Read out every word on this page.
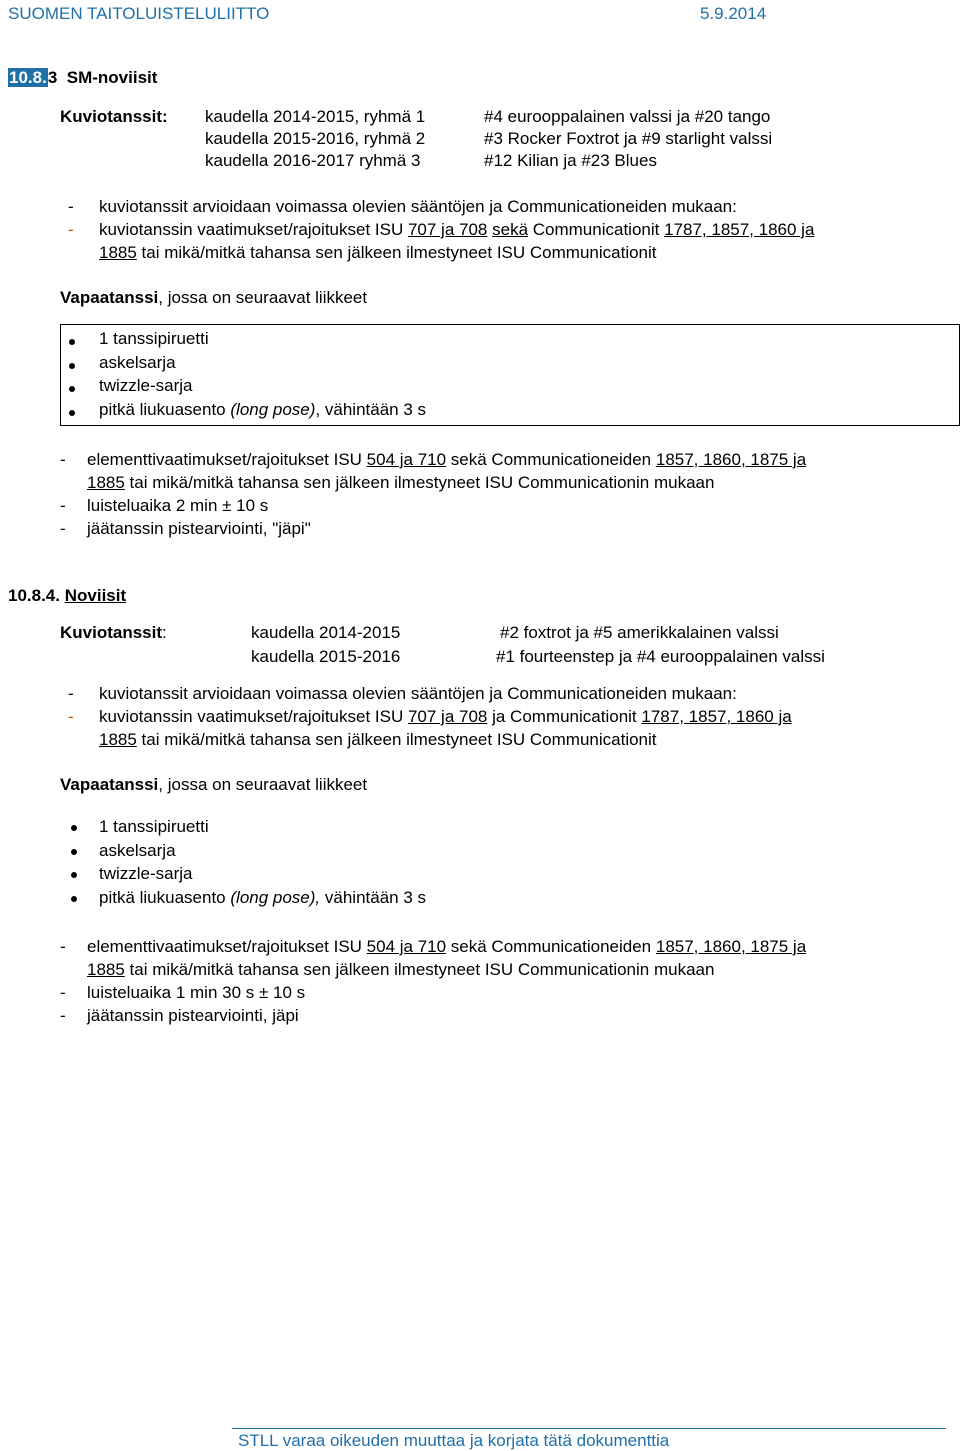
SUOMEN TAITOLUISTELULIITTO	5.9.2014
10.8.3 SM-noviisit
Kuviotanssit: kaudella 2014-2015, ryhmä 1	#4 eurooppalainen valssi ja #20 tango
kaudella 2015-2016, ryhmä 2	#3 Rocker Foxtrot ja #9 starlight valssi
kaudella 2016-2017 ryhmä 3	#12 Kilian ja #23 Blues
- kuviotanssit arvioidaan voimassa olevien sääntöjen ja Communicationeiden mukaan:
- kuviotanssin vaatimukset/rajoitukset ISU 707 ja 708 sekä Communicationit 1787, 1857, 1860 ja
1885 tai mikä/mitkä tahansa sen jälkeen ilmestyneet ISU Communicationit
Vapaatanssi, jossa on seuraavat liikkeet
1 tanssipiruetti
askelsarja
twizzle-sarja
pitkä liukuasento (long pose), vähintään 3 s
- elementtivaatimukset/rajoitukset ISU 504 ja 710 sekä Communicationeiden 1857, 1860, 1875 ja
1885 tai mikä/mitkä tahansa sen jälkeen ilmestyneet ISU Communicationin mukaan
- luisteluaika 2 min ± 10 s
- jäätanssin pistearviointi, "jäpi"
10.8.4. Noviisit
Kuviotanssit:	kaudella 2014-2015	#2 foxtrot ja #5 amerikkalainen valssi
kaudella 2015-2016	#1 fourteenstep ja #4 eurooppalainen valssi
- kuviotanssit arvioidaan voimassa olevien sääntöjen ja Communicationeiden mukaan:
- kuviotanssin vaatimukset/rajoitukset ISU 707 ja 708 ja Communicationit 1787, 1857, 1860 ja
1885 tai mikä/mitkä tahansa sen jälkeen ilmestyneet ISU Communicationit
Vapaatanssi, jossa on seuraavat liikkeet
1 tanssipiruetti
askelsarja
twizzle-sarja
pitkä liukuasento (long pose), vähintään 3 s
- elementtivaatimukset/rajoitukset ISU 504 ja 710 sekä Communicationeiden 1857, 1860, 1875 ja
1885 tai mikä/mitkä tahansa sen jälkeen ilmestyneet ISU Communicationin mukaan
- luisteluaika 1 min 30 s ± 10 s
- jäätanssin pistearviointi, jäpi
STLL varaa oikeuden muuttaa ja korjata tätä dokumenttia
